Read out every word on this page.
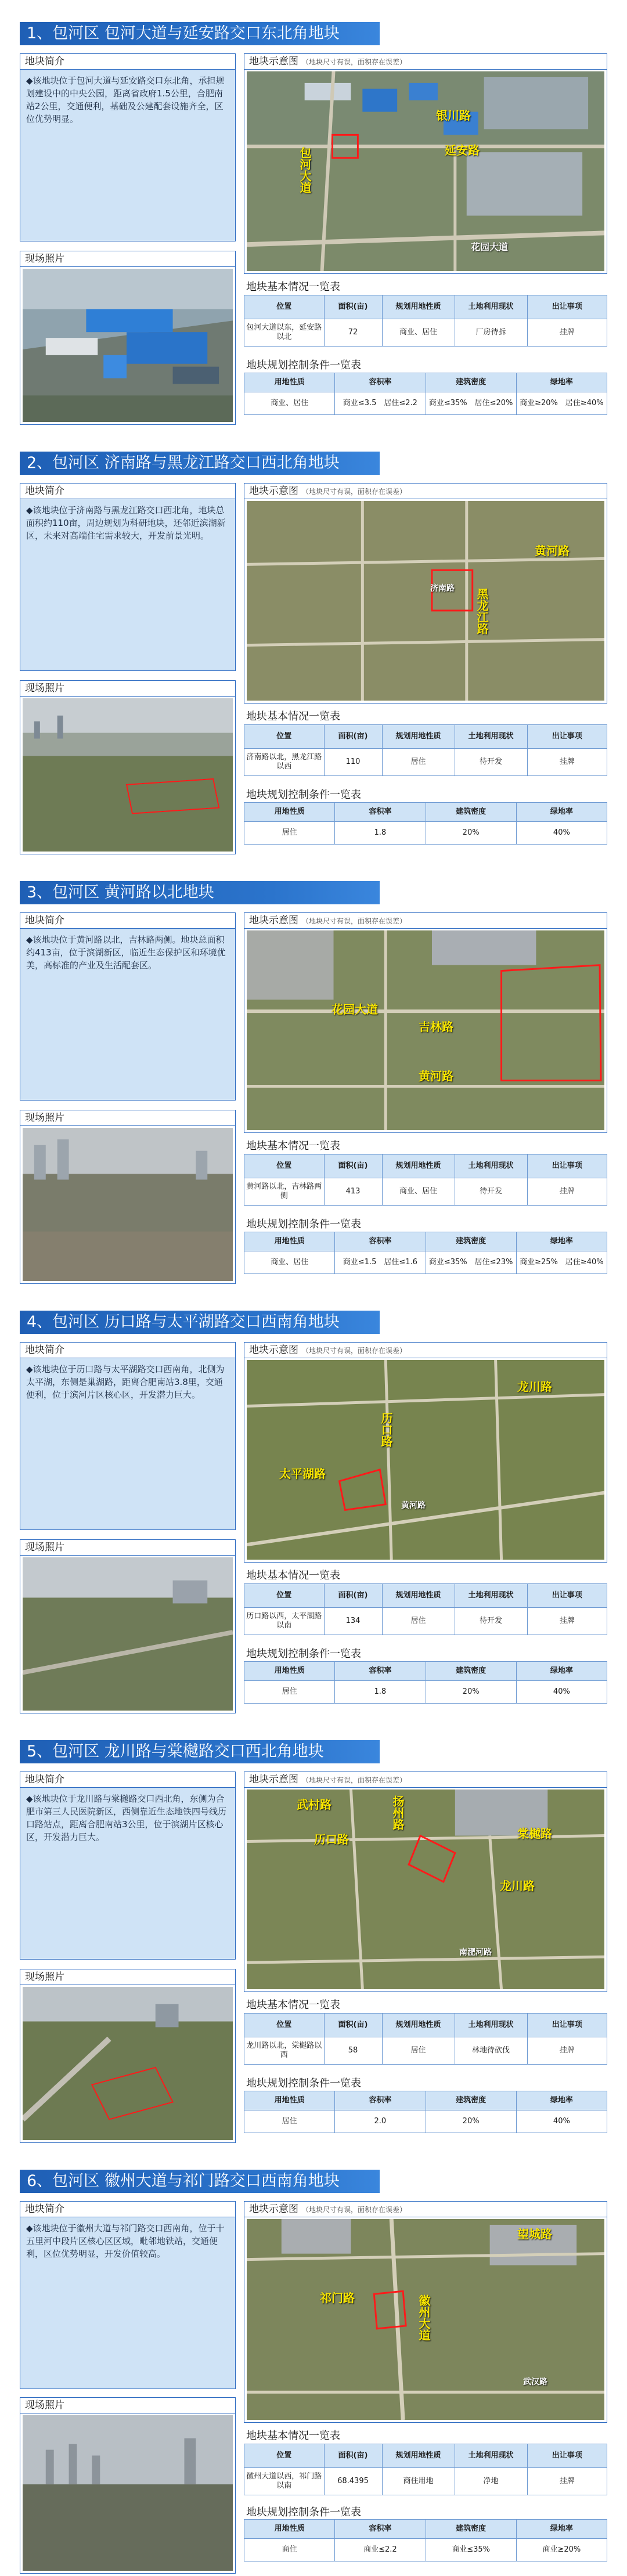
1、包河区 包河大道与延安路交口东北角地块
地块简介
◆该地块位于包河大道与延安路交口东北角，承担规划建设中的中央公园，距离省政府1.5公里，合肥南站2公里，交通便利，基础及公建配套设施齐全，区位优势明显。
现场照片
地块示意图 （地块尺寸有误，面积存在误差）
银川路
延安路
包河大道
花园大道
地块基本情况一览表
位置	面积(亩)	规划用地性质	土地利用现状	出让事项
包河大道以东，延安路以北	72	商业、居住	厂房待拆	挂牌
地块规划控制条件一览表
用地性质	容积率	建筑密度	绿地率
商业、居住	商业≤3.5　居住≤2.2	商业≤35%　居住≤20%	商业≥20%　居住≥40%
2、包河区 济南路与黑龙江路交口西北角地块
地块简介
◆该地块位于济南路与黑龙江路交口西北角，地块总面积约110亩，周边规划为科研地块，还邻近滨湖新区，未来对高端住宅需求较大，开发前景光明。
现场照片
地块示意图 （地块尺寸有误，面积存在误差）
黄河路
济南路 黑龙江路
地块基本情况一览表
位置	面积(亩)	规划用地性质	土地利用现状	出让事项
济南路以北，黑龙江路以西	110	居住	待开发	挂牌
地块规划控制条件一览表
用地性质	容积率	建筑密度	绿地率
居住	1.8	20%	40%
3、包河区 黄河路以北地块
地块简介
◆该地块位于黄河路以北，吉林路两侧。地块总面积约413亩，位于滨湖新区，临近生态保护区和环境优美，高标准的产业及生活配套区。
现场照片
地块示意图 （地块尺寸有误，面积存在误差）
花园大道
吉林路
黄河路
地块基本情况一览表
位置	面积(亩)	规划用地性质	土地利用现状	出让事项
黄河路以北，吉林路两侧	413	商业、居住	待开发	挂牌
地块规划控制条件一览表
用地性质	容积率	建筑密度	绿地率
商业、居住	商业≤1.5　居住≤1.6	商业≤35%　居住≤23%	商业≥25%　居住≥40%
4、包河区 历口路与太平湖路交口西南角地块
地块简介
◆该地块位于历口路与太平湖路交口西南角，北侧为太平湖，东侧是巢湖路，距离合肥南站3.8里，交通便利，位于滨河片区核心区，开发潜力巨大。
现场照片
地块示意图 （地块尺寸有误，面积存在误差）
龙川路
历口路
太平湖路
黄河路
地块基本情况一览表
位置	面积(亩)	规划用地性质	土地利用现状	出让事项
历口路以西，太平湖路以南	134	居住	待开发	挂牌
地块规划控制条件一览表
用地性质	容积率	建筑密度	绿地率
居住	1.8	20%	40%
5、包河区 龙川路与棠樾路交口西北角地块
地块简介
◆该地块位于龙川路与棠樾路交口西北角，东侧为合肥市第三人民医院新区，西侧靠近生态地铁四号线历口路站点，距离合肥南站3公里，位于滨湖片区核心区，开发潜力巨大。
现场照片
地块示意图 （地块尺寸有误，面积存在误差）
武村路
历口路
扬州路
棠樾路
龙川路
南淝河路
地块基本情况一览表
位置	面积(亩)	规划用地性质	土地利用现状	出让事项
龙川路以北，棠樾路以西	58	居住	林地待砍伐	挂牌
地块规划控制条件一览表
用地性质	容积率	建筑密度	绿地率
居住	2.0	20%	40%
6、包河区 徽州大道与祁门路交口西南角地块
地块简介
◆该地块位于徽州大道与祁门路交口西南角，位于十五里河中段片区核心区区域，毗邻地铁站，交通便利，区位优势明显，开发价值较高。
现场照片
地块示意图 （地块尺寸有误，面积存在误差）
望城路
祁门路	徽州大道
武汉路
地块基本情况一览表
位置	面积(亩)	规划用地性质	土地利用现状	出让事项
徽州大道以西，祁门路以南	68.4395	商住用地	净地	挂牌
地块规划控制条件一览表
用地性质	容积率	建筑密度	绿地率
商住	商业≤2.2	商业≤35%	商业≥20%
